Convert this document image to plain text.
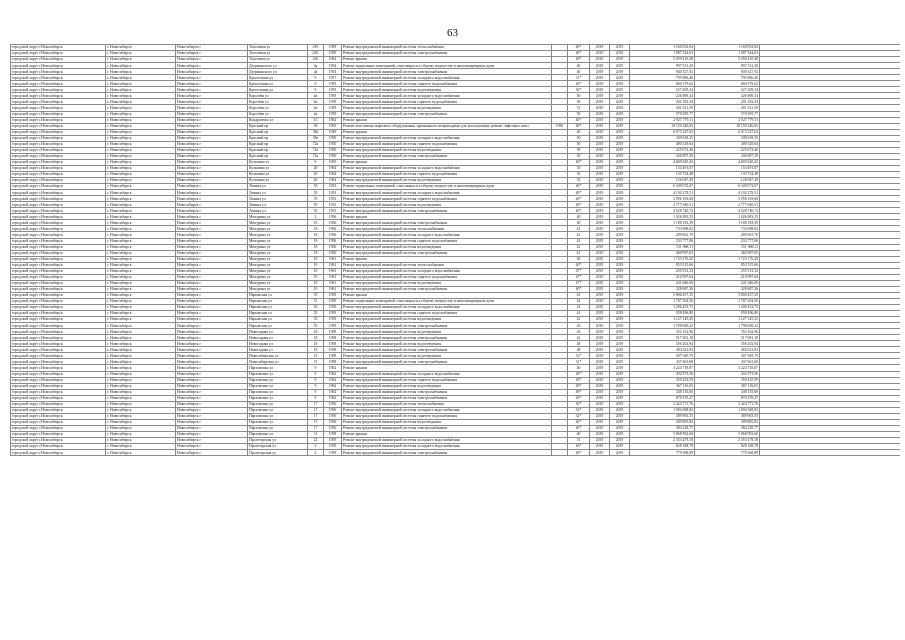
63
городской округ г.Новосибирск	г. Новосибирск	Новосибирск г	Тополевая ул	23б	1959	Ремонт внутридомовой инженерной системы теплоснабжения		40*	2019	2019	1 160 052,84	1 160 052,84	
городской округ г.Новосибирск	г. Новосибирск	Новосибирск г	Тополевая ул	23б	1959	Ремонт внутридомовой инженерной системы электроснабжения		40*	2019	2019	1 087 544,63	1 087 544,63	
городской округ г.Новосибирск	г. Новосибирск	Новосибирск г	Тополевая ул	23б	1962	Ремонт крыши		40*	2019	2019	5 059 410,48	5 059 410,48	
городской округ г.Новосибирск	г. Новосибирск	Новосибирск г	Дзержинского ул	4а	1954	Ремонт подвальных помещений, относящихся к общему имуществу в многоквартирном доме		40	2019	2019	997 531,20	997 531,20	
городской округ г.Новосибирск	г. Новосибирск	Новосибирск г	Дзержинского ул	4а	1954	Ремонт внутридомовой инженерной системы электроснабжения		40	2019	2019	940 327,92	940 327,92	
городской округ г.Новосибирск	г. Новосибирск	Новосибирск г	Кропоткина ул	9	1957	Ремонт внутридомовой инженерной системы холодного водоснабжения		31*	2019	2019	795 806,46	795 806,46	
городской округ г.Новосибирск	г. Новосибирск	Новосибирск г	Кропоткина ул	9	1955	Ремонт внутридомовой инженерной системы горячего водоснабжения		40*	2019	2019	660 379,62	660 379,62	
городской округ г.Новосибирск	г. Новосибирск	Новосибирск г	Кропоткина ул	9	1955	Ремонт внутридомовой инженерной системы водоотведения		30*	2019	2019	527 209,34	527 209,34	
городской округ г.Новосибирск	г. Новосибирск	Новосибирск г	Королёва ул	2в	1959	Ремонт внутридомовой инженерной системы холодного водоснабжения		50	2019	2019	226 889,34	226 889,34	
городской округ г.Новосибирск	г. Новосибирск	Новосибирск г	Королёва ул	2в	1959	Ремонт внутридомовой инженерной системы горячего водоснабжения		50	2019	2019	201 182,34	201 182,34	
городской округ г.Новосибирск	г. Новосибирск	Новосибирск г	Королёва ул	2в	1959	Ремонт внутридомовой инженерной системы водоотведения		51	2019	2019	201 521,59	201 521,59	
городской округ г.Новосибирск	г. Новосибирск	Новосибирск г	Королёва ул	2в	1959	Ремонт внутридомовой инженерной системы электроснабжения		50	2019	2019	570 395,77	570 395,77	
городской округ г.Новосибирск	г. Новосибирск	Новосибирск г	Кондратюка ул	3/1	1962	Ремонт крыши		40*	2019	2019	2 927 779,11	2 927 779,11	
городской округ г.Новосибирск	г. Новосибирск	Новосибирск г	Красный пр	38	1955	Ремонт или замена лифтового оборудования, признанного непригодным для эксплуатации, ремонт лифтовых шахт	1956	40*	2019	2019	10 150 246,65	10 150 246,65	
городской округ г.Новосибирск	г. Новосибирск	Новосибирск г	Красный пр	38а	1949	Ремонт крыши		40	2019	2019	6 073 327,63	6 073 327,63	
городской округ г.Новосибирск	г. Новосибирск	Новосибирск г	Красный пр	38а	1950	Ремонт внутридомовой инженерной системы холодного водоснабжения		50	2019	2019	339 618,35	339 618,35	
городской округ г.Новосибирск	г. Новосибирск	Новосибирск г	Красный пр	72а	1950	Ремонт внутридомовой инженерной системы горячего водоснабжения		50	2019	2019	490 529,64	490 529,64	
городской округ г.Новосибирск	г. Новосибирск	Новосибирск г	Красный пр	72а	1950	Ремонт внутридомовой инженерной системы водоотведения		50	2019	2019	225 072,46	225 072,46	
городской округ г.Новосибирск	г. Новосибирск	Новосибирск г	Красный пр	72а	1950	Ремонт внутридомовой инженерной системы электроснабжения		50	2019	2019	436 807,30	436 807,30	
городской округ г.Новосибирск	г. Новосибирск	Новосибирск г	Кузьмина ул	6	1965	Ремонт крыши		40*	2019	2019	4 605 620,42	4 605 620,42	
городской округ г.Новосибирск	г. Новосибирск	Новосибирск г	Кузьмина ул	20	1964	Ремонт внутридомовой инженерной системы холодного водоснабжения		35	2019	2019	154 491,07	154 491,07	
городской округ г.Новосибирск	г. Новосибирск	Новосибирск г	Кузьмина ул	20	1964	Ремонт внутридомовой инженерной системы горячего водоснабжения		35	2019	2019	135 734,48	135 734,48	
городской округ г.Новосибирск	г. Новосибирск	Новосибирск г	Кузьмина ул	20	1964	Ремонт внутридомовой инженерной системы водоотведения		35	2019	2019	126 047,49	126 047,49	
городской округ г.Новосибирск	г. Новосибирск	Новосибирск г	Ленина ул	55	1953	Ремонт подвальных помещений, относящихся к общему имуществу в многоквартирном доме		40*	2019	2019	6 349 072,67	6 349 072,67	
городской округ г.Новосибирск	г. Новосибирск	Новосибирск г	Ленина ул	55	1953	Ремонт внутридомовой инженерной системы холодного водоснабжения		40*	2019	2019	4 192 278,51	4 192 278,51	
городской округ г.Новосибирск	г. Новосибирск	Новосибирск г	Ленина ул	55	1953	Ремонт внутридомовой инженерной системы горячего водоснабжения		40*	2019	2019	3 956 183,68	3 956 183,68	
городской округ г.Новосибирск	г. Новосибирск	Новосибирск г	Ленина ул	55	1953	Ремонт внутридомовой инженерной системы водоотведения		40*	2019	2019	2 777 640,51	2 777 640,51	
городской округ г.Новосибирск	г. Новосибирск	Новосибирск г	Ленина ул	55	1953	Ремонт внутридомовой инженерной системы электроснабжения		40*	2019	2019	4 528 740,72	4 528 740,72	
городской округ г.Новосибирск	г. Новосибирск	Новосибирск г	Мичурина ул	2	1956	Ремонт крыши		40	2019	2019	1 926 983,55	1 926 983,55	
городской округ г.Новосибирск	г. Новосибирск	Новосибирск г	Мичурина ул	18	1956	Ремонт внутридомовой инженерной системы электроснабжения		40	2019	2019	1 188 183,39	1 188 183,39	
городской округ г.Новосибирск	г. Новосибирск	Новосибирск г	Мичурина ул	18	1956	Ремонт внутридомовой инженерной системы теплоснабжения		41	2019	2019	733 908,82	733 908,82	
городской округ г.Новосибирск	г. Новосибирск	Новосибирск г	Мичурина ул	18	1956	Ремонт внутридомовой инженерной системы холодного водоснабжения		41	2019	2019	289 061,78	289 061,78	
городской округ г.Новосибирск	г. Новосибирск	Новосибирск г	Мичурина ул	18	1956	Ремонт внутридомовой инженерной системы горячего водоснабжения		41	2019	2019	233 777,06	233 777,06	
городской округ г.Новосибирск	г. Новосибирск	Новосибирск г	Мичурина ул	18	1956	Ремонт внутридомовой инженерной системы водоотведения		41	2019	2019	151 968,11	151 968,11	
городской округ г.Новосибирск	г. Новосибирск	Новосибирск г	Мичурина ул	18	1956	Ремонт внутридомовой инженерной системы электроснабжения		41	2019	2019	460 987,65	460 987,65	
городской округ г.Новосибирск	г. Новосибирск	Новосибирск г	Мичурина ул	10	1961	Ремонт крыши		40	2019	2019	1 723 176,20	1 723 176,20	
городской округ г.Новосибирск	г. Новосибирск	Новосибирск г	Мичурина ул	10	1961	Ремонт внутридомовой инженерной системы теплоснабжения		40*	2019	2019	853 515,66	853 515,66	
городской округ г.Новосибирск	г. Новосибирск	Новосибирск г	Мичурина ул	10	1961	Ремонт внутридомовой инженерной системы холодного водоснабжения		47*	2019	2019	255 912,32	255 912,32	
городской округ г.Новосибирск	г. Новосибирск	Новосибирск г	Мичурина ул	10	1961	Ремонт внутридомовой инженерной системы горячего водоснабжения		47*	2019	2019	210 997,64	210 997,64	
городской округ г.Новосибирск	г. Новосибирск	Новосибирск г	Мичурина ул	10	1961	Ремонт внутридомовой инженерной системы водоотведения		47*	2019	2019	241 646,06	241 646,06	
городской округ г.Новосибирск	г. Новосибирск	Новосибирск г	Мичурина ул	10	1961	Ремонт внутридомовой инженерной системы электроснабжения		40*	2019	2019	328 687,26	328 687,26	
городской округ г.Новосибирск	г. Новосибирск	Новосибирск г	Нарымская ул	55	1959	Ремонт крыши		41	2019	2019	5 806 457,35	5 806 457,35	
городской округ г.Новосибирск	г. Новосибирск	Новосибирск г	Нарымская ул	51	1959	Ремонт подвальных помещений, относящихся к общему имуществу в многоквартирном доме		44	2019	2019	1 787 204,56	1 787 204,56	
городской округ г.Новосибирск	г. Новосибирск	Новосибирск г	Нарымская ул	55	1959	Ремонт внутридомовой инженерной системы холодного водоснабжения		43	2019	2019	1 206 453,75	1 206 453,75	
городской округ г.Новосибирск	г. Новосибирск	Новосибирск г	Нарымская ул	55	1959	Ремонт внутридомовой инженерной системы горячего водоснабжения		41	2019	2019	958 496,80	958 496,80	
городской округ г.Новосибирск	г. Новосибирск	Новосибирск г	Нарымская ул	55	1959	Ремонт внутридомовой инженерной системы водоотведения		41	2019	2019	1 127 145,25	1 127 145,25	
городской округ г.Новосибирск	г. Новосибирск	Новосибирск г	Нарымская ул	55	1959	Ремонт внутридомовой инженерной системы электроснабжения		43	2019	2019	1 798 069,22	1 798 069,22	
городской округ г.Новосибирск	г. Новосибирск	Новосибирск г	Новогодняя ул	18	1958	Ремонт внутридомовой инженерной системы водоотведения		43	2019	2019	352 162,96	352 162,96	
городской округ г.Новосибирск	г. Новосибирск	Новосибирск г	Новогодняя ул	18	1958	Ремонт внутридомовой инженерной системы электроснабжения		41	2019	2019	517 681,18	517 681,18	
городской округ г.Новосибирск	г. Новосибирск	Новосибирск г	Новогодняя ул	18	1958	Ремонт внутридомовой инженерной системы водоотведения		48	2019	2019	356 202,94	356 202,94	
городской округ г.Новосибирск	г. Новосибирск	Новосибирск г	Новогодняя ул	18	1958	Ремонт внутридомовой инженерной системы электроснабжения		48	2019	2019	483 021,83	483 021,83	
городской округ г.Новосибирск	г. Новосибирск	Новосибирск г	Новосибирская ул	15	1958	Ремонт внутридомовой инженерной системы водоотведения		31*	2019	2019	307 949,79	307 949,79	
городской округ г.Новосибирск	г. Новосибирск	Новосибирск г	Новосибирская ул	15	1958	Ремонт внутридомовой инженерной системы электроснабжения		31*	2019	2019	437 661,68	437 661,68	
городской округ г.Новосибирск	г. Новосибирск	Новосибирск г	Пархоменко ул	9	1962	Ремонт крыши		40	2019	2019	3 224 718,87	3 224 718,87	
городской округ г.Новосибирск	г. Новосибирск	Новосибирск г	Пархоменко ул	9	1962	Ремонт внутридомовой инженерной системы холодного водоснабжения		49*	2019	2019	392 973,56	392 973,56	
городской округ г.Новосибирск	г. Новосибирск	Новосибирск г	Пархоменко ул	9	1962	Ремонт внутридомовой инженерной системы горячего водоснабжения		49*	2019	2019	359 435,59	359 435,59	
городской округ г.Новосибирск	г. Новосибирск	Новосибирск г	Пархоменко ул	9	1962	Ремонт внутридомовой инженерной системы водоотведения		49*	2019	2019	367 116,03	367 116,03	
городской округ г.Новосибирск	г. Новосибирск	Новосибирск г	Пархоменко ул	9	1962	Ремонт внутридомовой инженерной системы электроснабжения		49*	2019	2019	348 155,60	348 155,60	
городской округ г.Новосибирск	г. Новосибирск	Новосибирск г	Пархоменко ул	9	1962	Ремонт внутридомовой инженерной системы электроснабжения		49*	2019	2019	870 370,27	870 370,27	
городской округ г.Новосибирск	г. Новосибирск	Новосибирск г	Пархоменко ул	17	1956	Ремонт внутридомовой инженерной системы теплоснабжения		30*	2019	2019	3 424 771,76	3 424 771,76	
городской округ г.Новосибирск	г. Новосибирск	Новосибирск г	Пархоменко ул	17	1956	Ремонт внутридомовой инженерной системы холодного водоснабжения		32*	2019	2019	1 004 368,82	1 004 368,82	
городской округ г.Новосибирск	г. Новосибирск	Новосибирск г	Пархоменко ул	17	1956	Ремонт внутридомовой инженерной системы горячего водоснабжения		32*	2019	2019	389 963,55	389 963,55	
городской округ г.Новосибирск	г. Новосибирск	Новосибирск г	Пархоменко ул	17	1956	Ремонт внутридомовой инженерной системы водоотведения		40*	2019	2019	309 805,82	309 805,82	
городской округ г.Новосибирск	г. Новосибирск	Новосибирск г	Пархоменко ул	17	1956	Ремонт внутридомовой инженерной системы электроснабжения		40*	2019	2019	384 238,77	384 238,77	
городской округ г.Новосибирск	г. Новосибирск	Новосибирск г	Пархоменко ул	31	1958	Ремонт крыши		40	2019	2019	5 868 992,60	5 868 992,60	
городской округ г.Новосибирск	г. Новосибирск	Новосибирск г	Пролетарская ул	22	1959	Ремонт внутридомовой инженерной системы холодного водоснабжения		51	2019	2019	2 353 479,18	2 353 479,18	
городской округ г.Новосибирск	г. Новосибирск	Новосибирск г	Пролетарская ул	2	1959	Ремонт внутридомовой инженерной системы холодного водоснабжения		40*	2019	2019	828 168,78	828 168,78	
городской округ г.Новосибирск	г. Новосибирск	Новосибирск г	Пролетарская ул	2	1959	Ремонт внутридомовой инженерной системы электроснабжения		40*	2019	2019	779 368,89	779 368,89	
